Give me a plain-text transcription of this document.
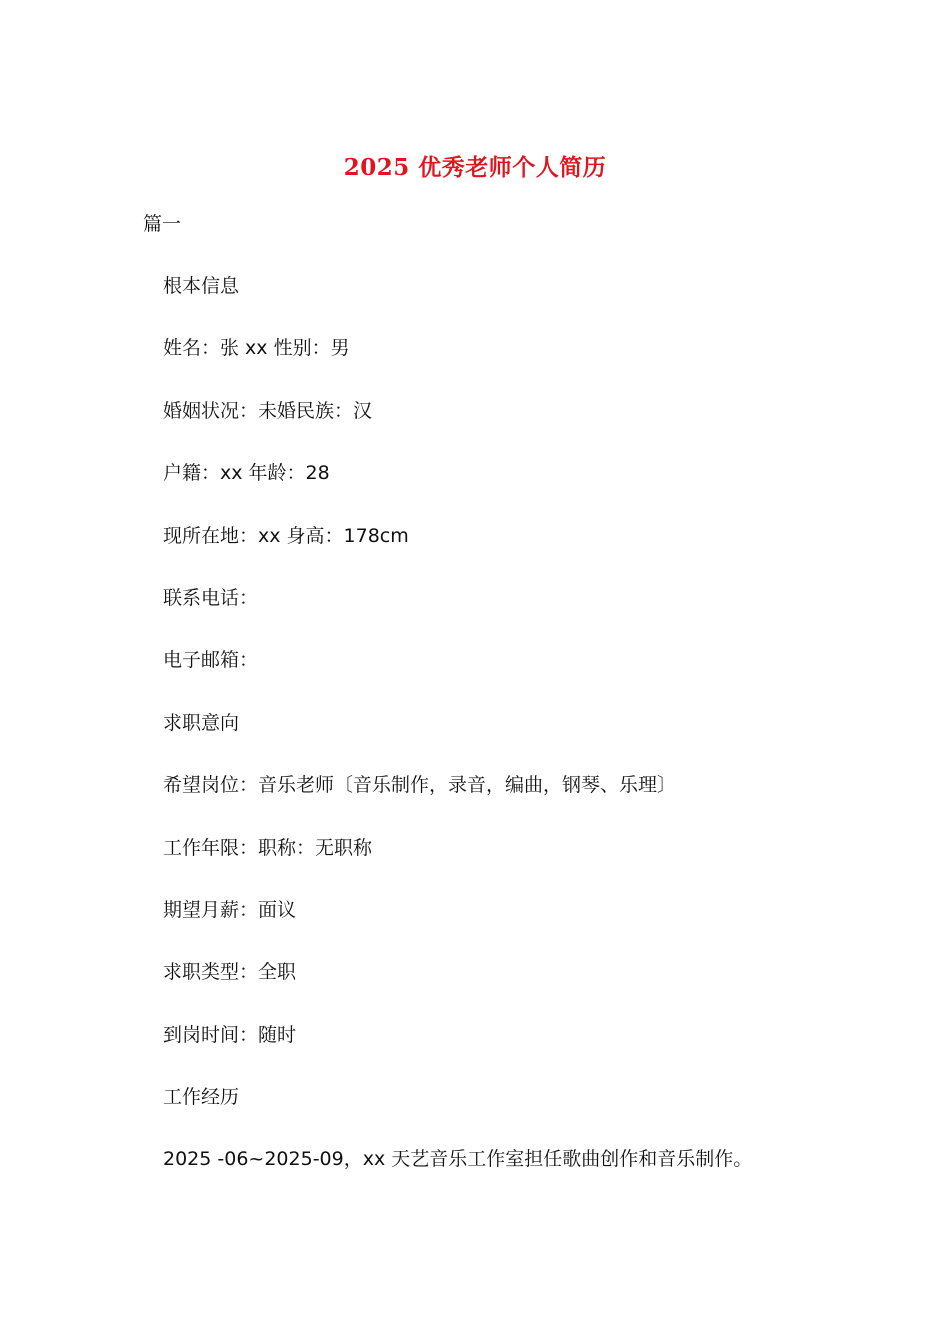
2025 优秀老师个人简历
篇一
根本信息
姓名：张 xx 性别：男
婚姻状况：未婚民族：汉
户籍：xx 年龄：28
现所在地：xx 身高：178cm
联系电话：
电子邮箱：
求职意向
希望岗位：音乐老师〔音乐制作，录音，编曲，钢琴、乐理〕
工作年限：职称：无职称
期望月薪：面议
求职类型：全职
到岗时间：随时
工作经历
2025 -06~2025-09，xx 天艺音乐工作室担任歌曲创作和音乐制作。
